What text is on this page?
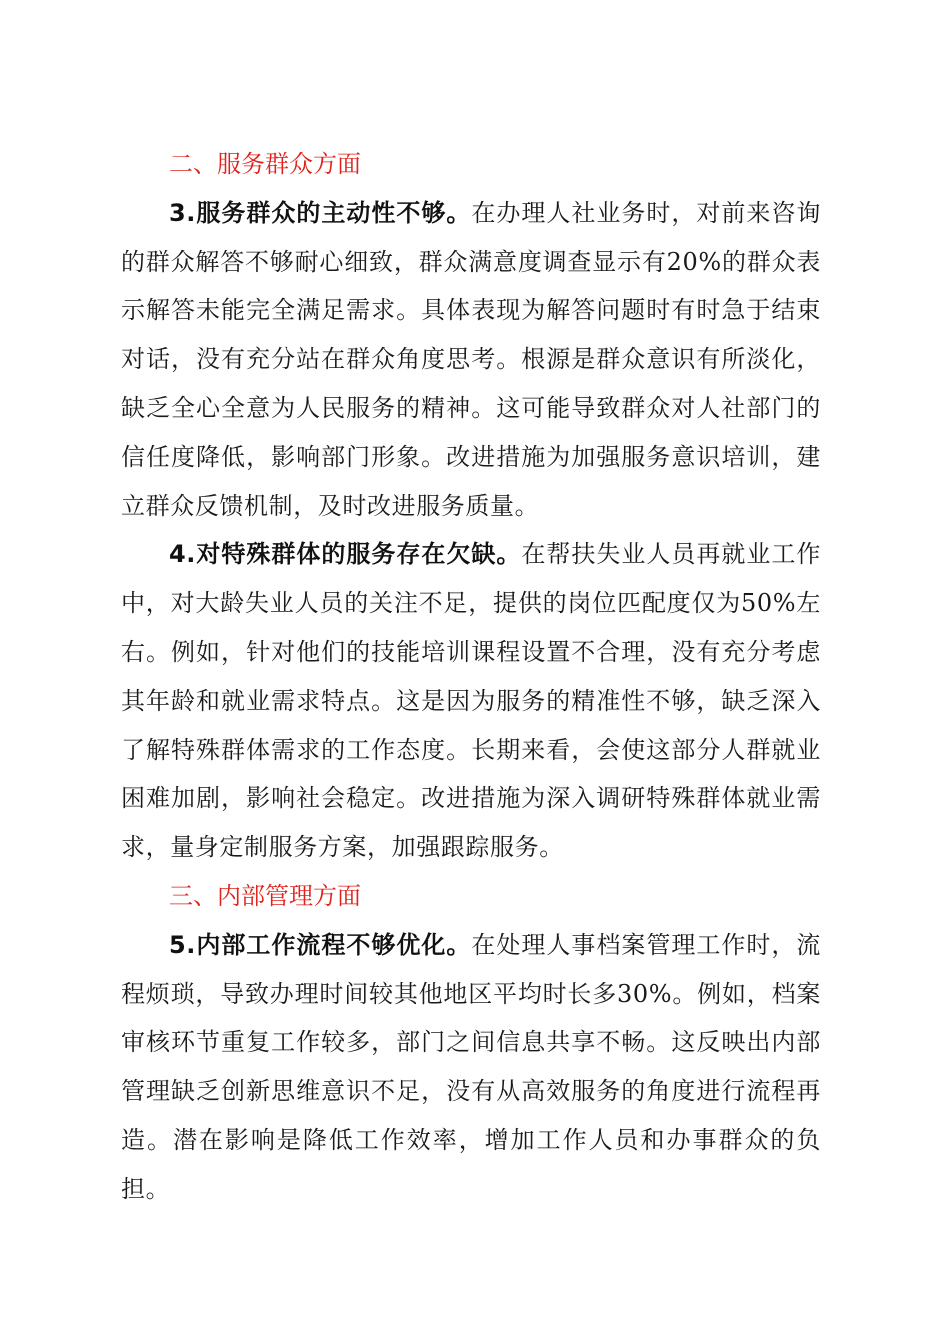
二、服务群众方面

3.服务群众的主动性不够。在办理人社业务时，对前来咨询的群众解答不够耐心细致，群众满意度调查显示有20%的群众表示解答未能完全满足需求。具体表现为解答问题时有时急于结束对话，没有充分站在群众角度思考。根源是群众意识有所淡化，缺乏全心全意为人民服务的精神。这可能导致群众对人社部门的信任度降低，影响部门形象。改进措施为加强服务意识培训，建立群众反馈机制，及时改进服务质量。

4.对特殊群体的服务存在欠缺。在帮扶失业人员再就业工作中，对大龄失业人员的关注不足，提供的岗位匹配度仅为50%左右。例如，针对他们的技能培训课程设置不合理，没有充分考虑其年龄和就业需求特点。这是因为服务的精准性不够，缺乏深入了解特殊群体需求的工作态度。长期来看，会使这部分人群就业困难加剧，影响社会稳定。改进措施为深入调研特殊群体就业需求，量身定制服务方案，加强跟踪服务。

三、内部管理方面

5.内部工作流程不够优化。在处理人事档案管理工作时，流程烦琐，导致办理时间较其他地区平均时长多30%。例如，档案审核环节重复工作较多，部门之间信息共享不畅。这反映出内部管理缺乏创新思维意识不足，没有从高效服务的角度进行流程再造。潜在影响是降低工作效率，增加工作人员和办事群众的负担。
